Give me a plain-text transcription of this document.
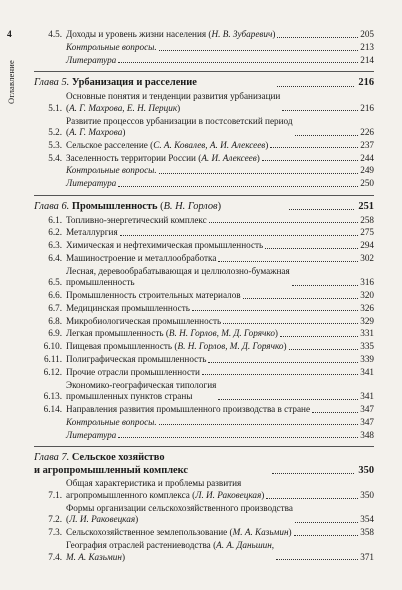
4
Оглавление
4.5. Доходы и уровень жизни населения (Н. В. Зубаревич)	205
Контрольные вопросы.	213
Литература	214
Глава 5. Урбанизация и расселение	216
5.1.
Основные понятия и тенденции развития урбанизации
(А. Г. Махрова, Е. Н. Перцик)	216
5.2.
Развитие процессов урбанизации в постсоветский период
(А. Г. Махрова)	226
5.3. Сельское расселение (С. А. Ковалев, А. И. Алексеев)	237
5.4. Заселенность территории России (А. И. Алексеев)	244
Контрольные вопросы.	249
Литература	250
Глава 6. Промышленность (В. Н. Горлов)	251
6.1. Топливно-энергетический комплекс	258
6.2. Металлургия	275
6.3. Химическая и нефтехимическая промышленность	294
6.4. Машиностроение и металлообработка	302
6.5.
Лесная, деревообрабатывающая и целлюлозно-бумажная
промышленность	316
6.6. Промышленность строительных материалов	320
6.7. Медицинская промышленность	326
6.8. Микробиологическая промышленность	329
6.9. Легкая промышленность (В. Н. Горлов, М. Д. Горячко)	331
6.10. Пищевая промышленность (В. Н. Горлов, М. Д. Горячко)	335
6.11. Полиграфическая промышленность	339
6.12. Прочие отрасли промышленности	341
6.13.
Экономико-географическая типология
промышленных пунктов страны	341
6.14. Направления развития промышленного производства в стране	347
Контрольные вопросы.	347
Литература	348
Глава 7. Сельское хозяйство
и агропромышленный комплекс	350
7.1.
Общая характеристика и проблемы развития
агропромышленного комплекса (Л. И. Раковецкая)	350
7.2.
Формы организации сельскохозяйственного производства
(Л. И. Раковецкая)	354
7.3. Сельскохозяйственное землепользование (М. А. Казьмин)	358
7.4.
География отраслей растениеводства (А. А. Даньшин,
М. А. Казьмин)	371
